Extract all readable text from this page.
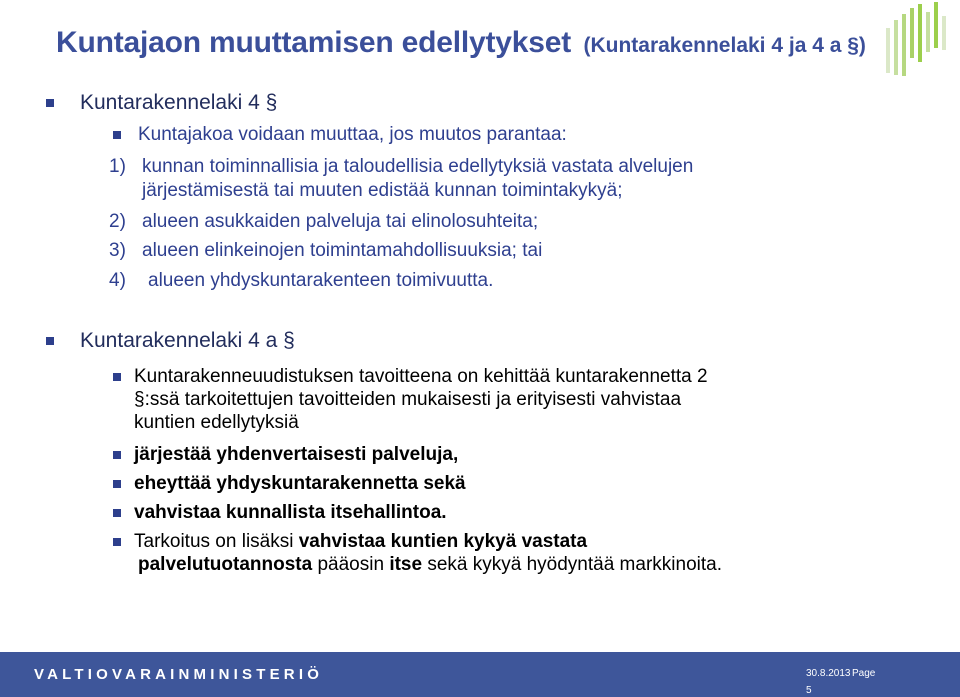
Kuntajaon muuttamisen edellytykset (Kuntarakennelaki 4 ja 4 a §)
Kuntarakennelaki 4 §
Kuntajakoa voidaan muuttaa, jos muutos parantaa:
1) kunnan toiminnallisia ja taloudellisia edellytyksiä vastata alvelujen
järjestämisestä tai muuten edistää kunnan toimintakykyä;
2) alueen asukkaiden palveluja tai elinolosuhteita;
3) alueen elinkeinojen toimintamahdollisuuksia; tai
4) alueen yhdyskuntarakenteen toimivuutta.
Kuntarakennelaki 4 a §
Kuntarakenneuudistuksen tavoitteena on kehittää kuntarakennetta 2
§:ssä tarkoitettujen tavoitteiden mukaisesti ja erityisesti vahvistaa
kuntien edellytyksiä
järjestää yhdenvertaisesti palveluja,
eheyttää yhdyskuntarakennetta sekä
vahvistaa kunnallista itsehallintoa.
Tarkoitus on lisäksi vahvistaa kuntien kykyä vastata
palvelutuotannosta pääosin itse sekä kykyä hyödyntää markkinoita.
VALTIOVARAINMINISTERIÖ	30.8.2013 Page
5
